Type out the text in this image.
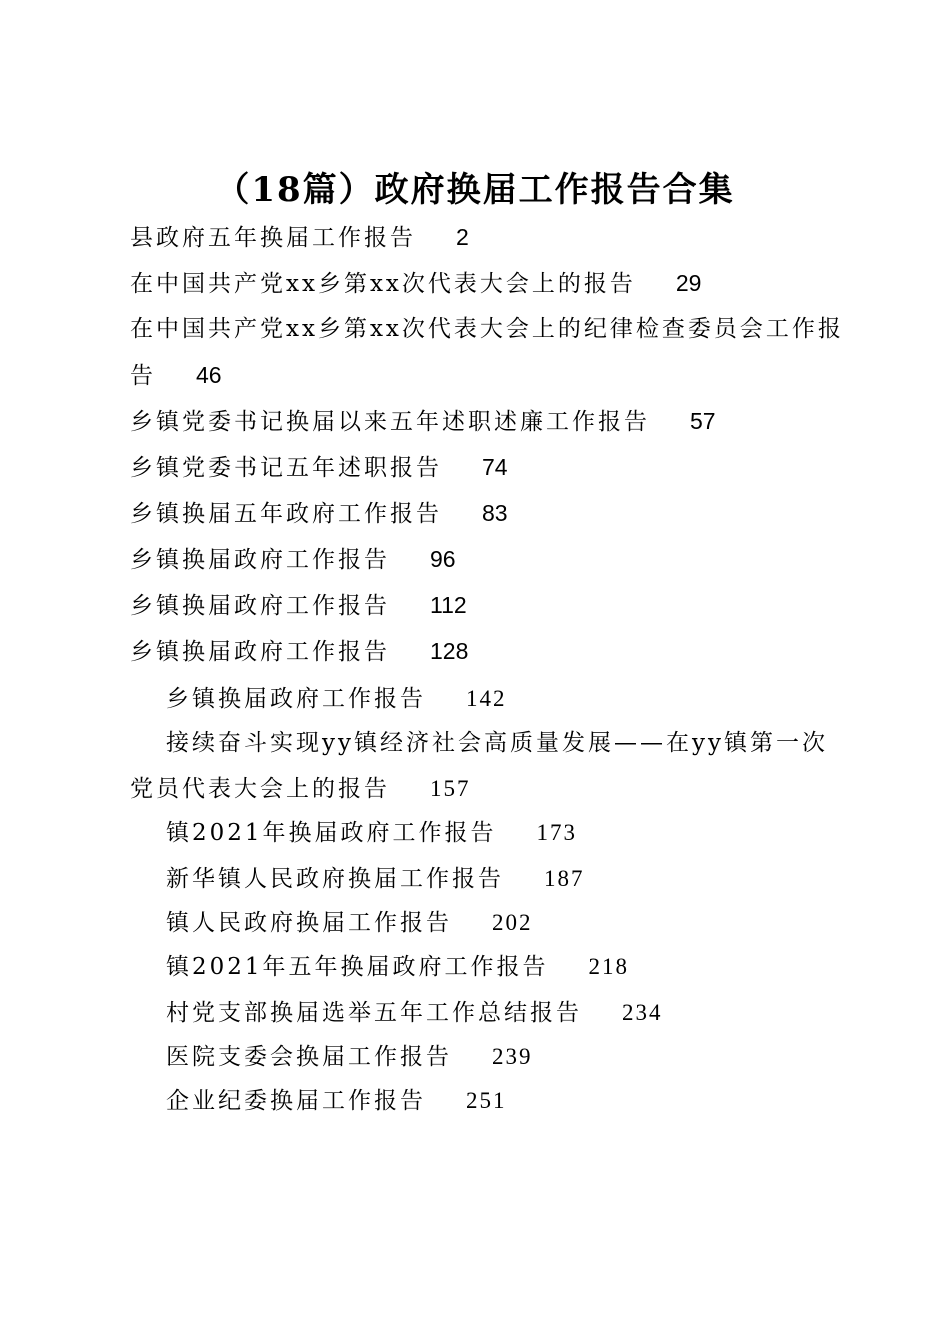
（18篇）政府换届工作报告合集
县政府五年换届工作报告 2
在中国共产党xx乡第xx次代表大会上的报告 29
在中国共产党xx乡第xx次代表大会上的纪律检查委员会工作报
告 46
乡镇党委书记换届以来五年述职述廉工作报告 57
乡镇党委书记五年述职报告 74
乡镇换届五年政府工作报告 83
乡镇换届政府工作报告 96
乡镇换届政府工作报告 112
乡镇换届政府工作报告 128
乡镇换届政府工作报告 142
接续奋斗实现yy镇经济社会高质量发展——在yy镇第一次
党员代表大会上的报告 157
镇2021年换届政府工作报告 173
新华镇人民政府换届工作报告 187
镇人民政府换届工作报告 202
镇2021年五年换届政府工作报告 218
村党支部换届选举五年工作总结报告 234
医院支委会换届工作报告 239
企业纪委换届工作报告 251
